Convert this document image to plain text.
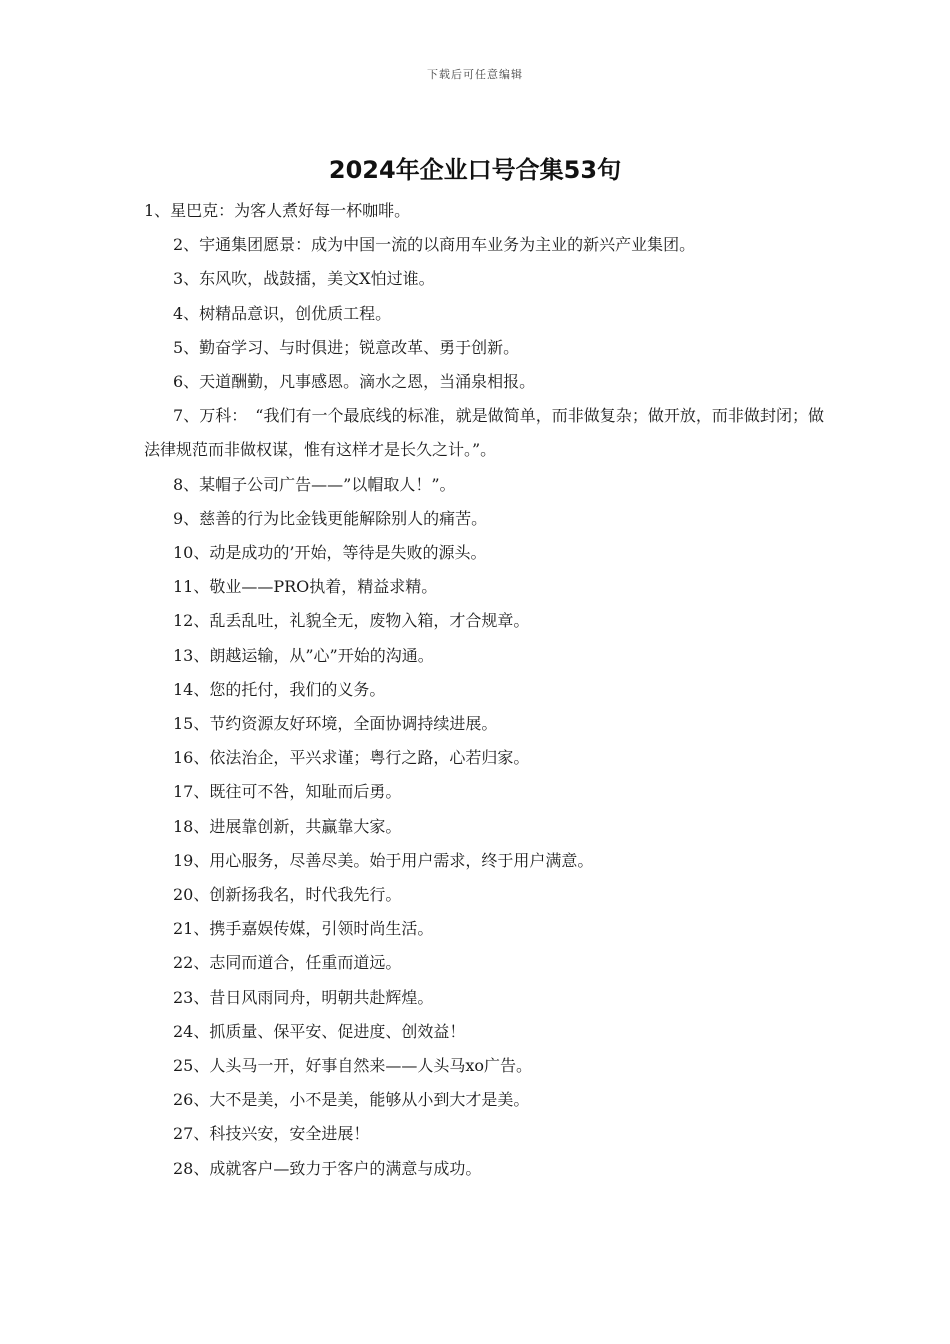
下载后可任意编辑
2024年企业口号合集53句
1、星巴克：为客人煮好每一杯咖啡。
2、宇通集团愿景：成为中国一流的以商用车业务为主业的新兴产业集团。
3、东风吹，战鼓擂，美文X怕过谁。
4、树精品意识，创优质工程。
5、勤奋学习、与时俱进；锐意改革、勇于创新。
6、天道酬勤，凡事感恩。滴水之恩，当涌泉相报。
7、万科：　“我们有一个最底线的标准，就是做简单，而非做复杂；做开放，而非做封闭；做法律规范而非做权谋，惟有这样才是长久之计。”。
8、某帽子公司广告——”以帽取人！”。
9、慈善的行为比金钱更能解除别人的痛苦。
10、动是成功的’开始，等待是失败的源头。
11、敬业——PRO执着，精益求精。
12、乱丢乱吐，礼貌全无，废物入箱，才合规章。
13、朗越运输，从”心”开始的沟通。
14、您的托付，我们的义务。
15、节约资源友好环境，全面协调持续进展。
16、依法治企，平兴求谨；粤行之路，心若归家。
17、既往可不咎，知耻而后勇。
18、进展靠创新，共赢靠大家。
19、用心服务，尽善尽美。始于用户需求，终于用户满意。
20、创新扬我名，时代我先行。
21、携手嘉娱传媒，引领时尚生活。
22、志同而道合，任重而道远。
23、昔日风雨同舟，明朝共赴辉煌。
24、抓质量、保平安、促进度、创效益！
25、人头马一开，好事自然来——人头马xo广告。
26、大不是美，小不是美，能够从小到大才是美。
27、科技兴安，安全进展！
28、成就客户—致力于客户的满意与成功。
